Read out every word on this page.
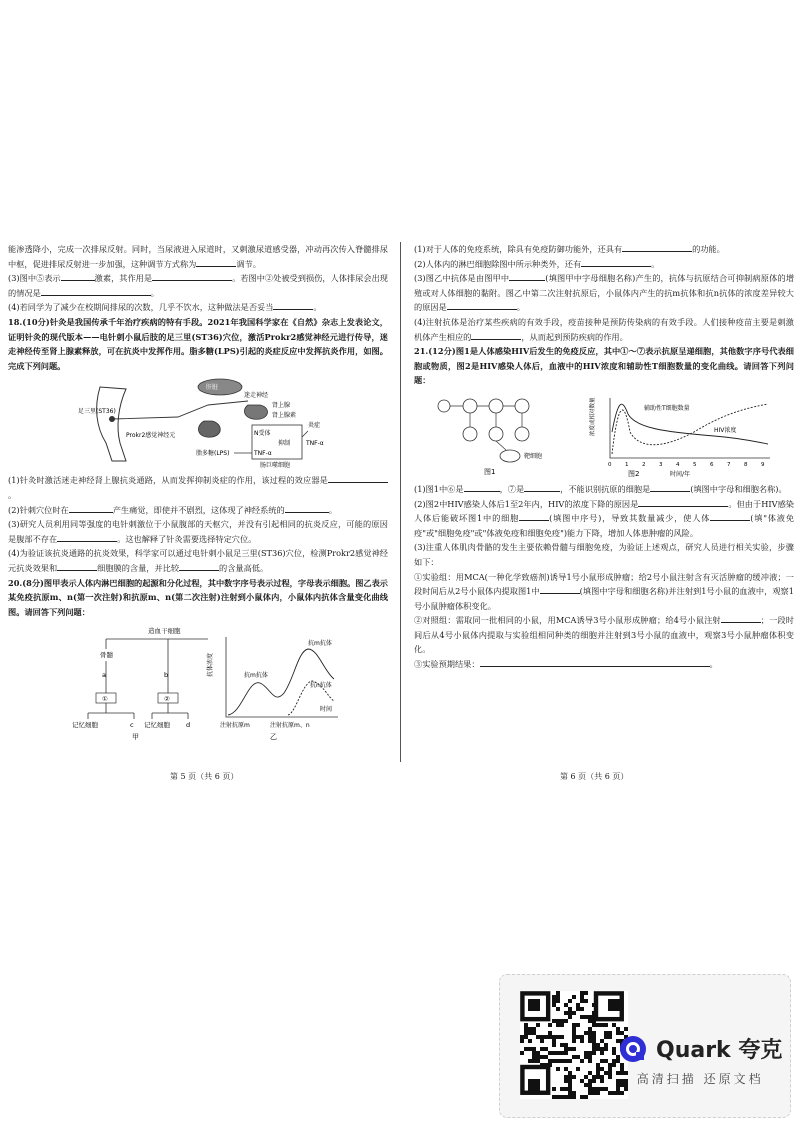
能渗透降小，完成一次排尿反射。同时，当尿液进入尿道时，又刺激尿道感受器，冲动再次传入脊髓排尿中枢，促进排尿反射进一步加强，这种调节方式称为	调节。

(3)图中⑤表示	激素，其作用是	。若图中②处被受到损伤，人体排尿会出现的情况是	。

(4)若同学为了减少在校期间排尿的次数，几乎不饮水，这种做法是否妥当	。

18.(10分)针灸是我国传承千年治疗疾病的特有手段。2021年我国科学家在《自然》杂志上发表论文，证明针灸的现代版本——电针刺小鼠后肢的足三里(ST36)穴位，激活Prokr2感觉神经元进行传导，迷走神经传至肾上腺素释放，可在抗炎中发挥作用。脂多糖(LPS)引起的炎症反应中发挥抗炎作用，如图。完成下列问题。

足三里(ST36)
Prokr2感觉神经元
肝脏
迷走神经
肾上腺
肾上腺素
N受体
抑制
TNF-α
TNF-α
炎症
脂多糖(LPS)
肠巨噬细胞

(1)针灸时激活迷走神经肾上腺抗炎通路，从而发挥抑制炎症的作用，该过程的效应器是。

(2)针刺穴位时在	产生痛觉，即使并不剧烈，这体现了神经系统的	。

(3)研究人员利用同等强度的电针刺激位于小鼠腹部的天枢穴，并没有引起相同的抗炎反应，可能的原因是腹部不存在	。这也解释了针灸需要选择特定穴位。

(4)为验证该抗炎通路的抗炎效果，科学家可以通过电针刺小鼠足三里(ST36)穴位，检测Prokr2感觉神经元抗炎效果和	细胞膜的含量，并比较	的含量高低。

20.(8分)图甲表示人体内淋巴细胞的起源和分化过程，其中数字序号表示过程，字母表示细胞。图乙表示某免疫抗原m、n(第一次注射)和抗原m、n(第二次注射)注射到小鼠体内，小鼠体内抗体含量变化曲线图。请回答下列问题：

造血干细胞
骨髓
a	b
①	②
记忆细胞	c 记忆细胞 d
甲
抗体浓度	抗m抗体
抗m抗体
抗n抗体
时间
注射抗原m	注射抗原m、n
乙

(1)对于人体的免疫系统，除具有免疫防御功能外，还具有	的功能。

(2)人体内的淋巴细胞除图中所示种类外，还有	。

(3)图乙中抗体是由图甲中	(填图甲中字母细胞名称)产生的，抗体与抗原结合可抑制病原体的增殖或对人体细胞的黏附。图乙中第二次注射抗原后，小鼠体内产生的抗m抗体和抗n抗体的浓度差异较大的原因是	。

(4)注射抗体是治疗某些疾病的有效手段，疫苗接种是预防传染病的有效手段。人们接种疫苗主要是刺激机体产生相应的	，从而起到预防疾病的作用。

21.(12分)图1是人体感染HIV后发生的免疫反应，其中①～⑦表示抗原呈递细胞，其他数字序号代表细胞或物质，图2是HIV感染人体后，血液中的HIV浓度和辅助性T细胞数量的变化曲线。请回答下列问题：

靶细胞
图1
浓度或相对数量	辅助性T细胞数量
HIV浓度
0 1 2 3 4 5 6 7 8 9
时间/年
图2

(1)图1中⑥是	，⑦是	，不能识别抗原的细胞是	(填图中字母和细胞名称)。

(2)图2中HIV感染人体后1至2年内，HIV的浓度下降的原因是	。但由于HIV感染人体后能破坏图1中的细胞	(填图中序号)，导致其数量减少，使人体	(填"体液免疫"或"细胞免疫"或"体液免疫和细胞免疫")能力下降，增加人体患肿瘤的风险。

(3)注重人体肌肉骨骼的发生主要依赖骨髓与细胞免疫，为验证上述观点，研究人员进行相关实验，步骤如下：

①实验组：用MCA(一种化学致癌剂)诱导1号小鼠形成肿瘤；给2号小鼠注射含有灭活肿瘤的缓冲液；一段时间后从2号小鼠体内提取图1中	(填图中字母和细胞名称)并注射到1号小鼠的血液中，观察1号小鼠肿瘤体积变化。

②对照组：需取同一批相同的小鼠，用MCA诱导3号小鼠形成肿瘤；给4号小鼠注射	；一段时间后从4号小鼠体内提取与实验组相同种类的细胞并注射到3号小鼠的血液中，观察3号小鼠肿瘤体积变化。

③实验预期结果：	。

第 5 页（共 6 页）	第 6 页（共 6 页）
Quark 夸克
高清扫描 还原文档
